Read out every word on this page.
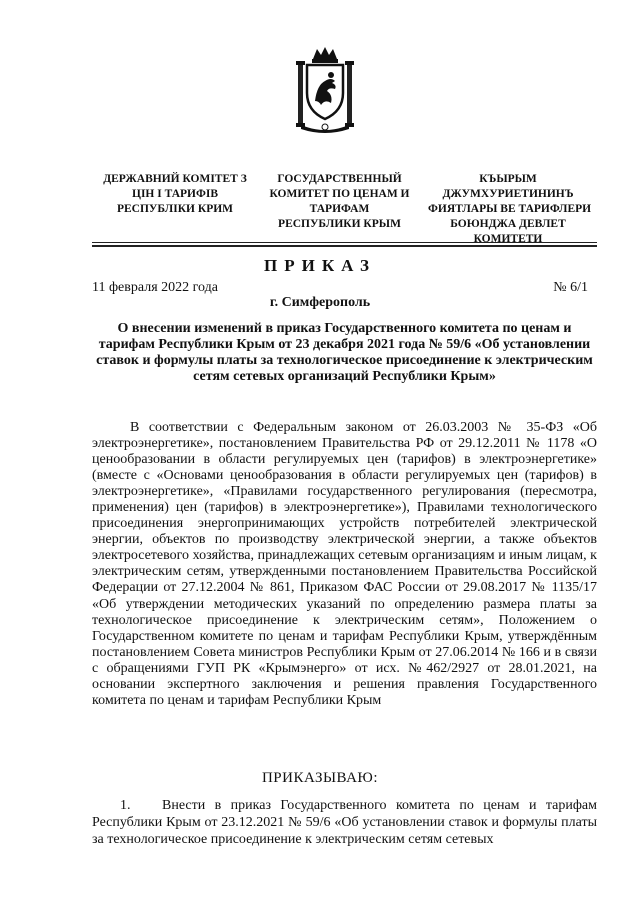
ДЕРЖАВНИЙ КОМІТЕТ З
ЦІН І ТАРИФІВ
РЕСПУБЛІКИ КРИМ
ГОСУДАРСТВЕННЫЙ
КОМИТЕТ ПО ЦЕНАМ И
ТАРИФАМ
РЕСПУБЛИКИ КРЫМ
КЪЫРЫМ
ДЖУМХУРИЕТИНИНЪ
ФИЯТЛАРЫ ВЕ ТАРИФЛЕРИ
БОЮНДЖА ДЕВЛЕТ
КОМИТЕТИ
ПРИКАЗ
11 февраля 2022 года	№ 6/1
г. Симферополь
О внесении изменений в приказ Государственного комитета по ценам и тарифам Республики Крым от 23 декабря 2021 года № 59/6 «Об установлении ставок и формулы платы за технологическое присоединение к электрическим сетям сетевых организаций Республики Крым»

В соответствии с Федеральным законом от 26.03.2003 № 35-ФЗ «Об электроэнергетике», постановлением Правительства РФ от 29.12.2011 № 1178 «О ценообразовании в области регулируемых цен (тарифов) в электроэнергетике» (вместе с «Основами ценообразования в области регулируемых цен (тарифов) в электроэнергетике», «Правилами государственного регулирования (пересмотра, применения) цен (тарифов) в электроэнергетике»), Правилами технологического присоединения энергопринимающих устройств потребителей электрической энергии, объектов по производству электрической энергии, а также объектов электросетевого хозяйства, принадлежащих сетевым организациям и иным лицам, к электрическим сетям, утвержденными постановлением Правительства Российской Федерации от 27.12.2004 № 861, Приказом ФАС России от 29.08.2017 № 1135/17 «Об утверждении методических указаний по определению размера платы за технологическое присоединение к электрическим сетям», Положением о Государственном комитете по ценам и тарифам Республики Крым, утверждённым постановлением Совета министров Республики Крым от 27.06.2014 № 166 и в связи с обращениями ГУП РК «Крымэнерго» от исх. №462/2927 от 28.01.2021, на основании экспертного заключения и решения правления Государственного комитета по ценам и тарифам Республики Крым

ПРИКАЗЫВАЮ:
1. Внести в приказ Государственного комитета по ценам и тарифам Республики Крым от 23.12.2021 № 59/6 «Об установлении ставок и формулы платы за технологическое присоединение к электрическим сетям сетевых
